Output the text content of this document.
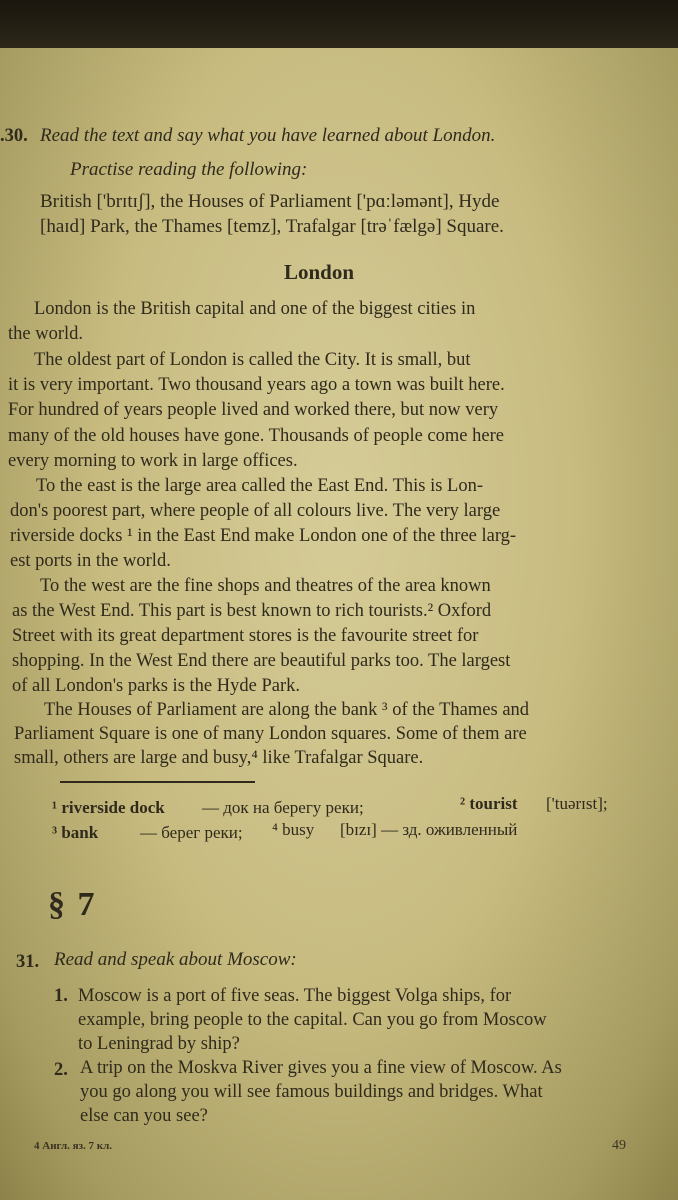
.30. Read the text and say what you have learned about London.
Practise reading the following:
British ['brɪtɪʃ], the Houses of Parliament ['pɑːləmənt], Hyde
[haɪd] Park, the Thames [temz], Trafalgar [trəˈfælgə] Square.
London
London is the British capital and one of the biggest cities in
the world.
The oldest part of London is called the City. It is small, but
it is very important. Two thousand years ago a town was built here.
For hundred of years people lived and worked there, but now very
many of the old houses have gone. Thousands of people come here
every morning to work in large offices.
To the east is the large area called the East End. This is Lon-
don's poorest part, where people of all colours live. The very large
riverside docks ¹ in the East End make London one of the three larg-
est ports in the world.
To the west are the fine shops and theatres of the area known
as the West End. This part is best known to rich tourists.² Oxford
Street with its great department stores is the favourite street for
shopping. In the West End there are beautiful parks too. The largest
of all London's parks is the Hyde Park.
The Houses of Parliament are along the bank ³ of the Thames and
Parliament Square is one of many London squares. Some of them are
small, others are large and busy,⁴ like Trafalgar Square.
¹ riverside dock — док на берегу реки;	² tourist ['tuərɪst];
³ bank — берег реки; ⁴ busy [bɪzɪ] — зд. оживленный
§ 7
31. Read and speak about Moscow:
1. Moscow is a port of five seas. The biggest Volga ships, for
example, bring people to the capital. Can you go from Moscow
to Leningrad by ship?
2. A trip on the Moskva River gives you a fine view of Moscow. As
you go along you will see famous buildings and bridges. What
else can you see?
4 Англ. яз. 7 кл.	49
